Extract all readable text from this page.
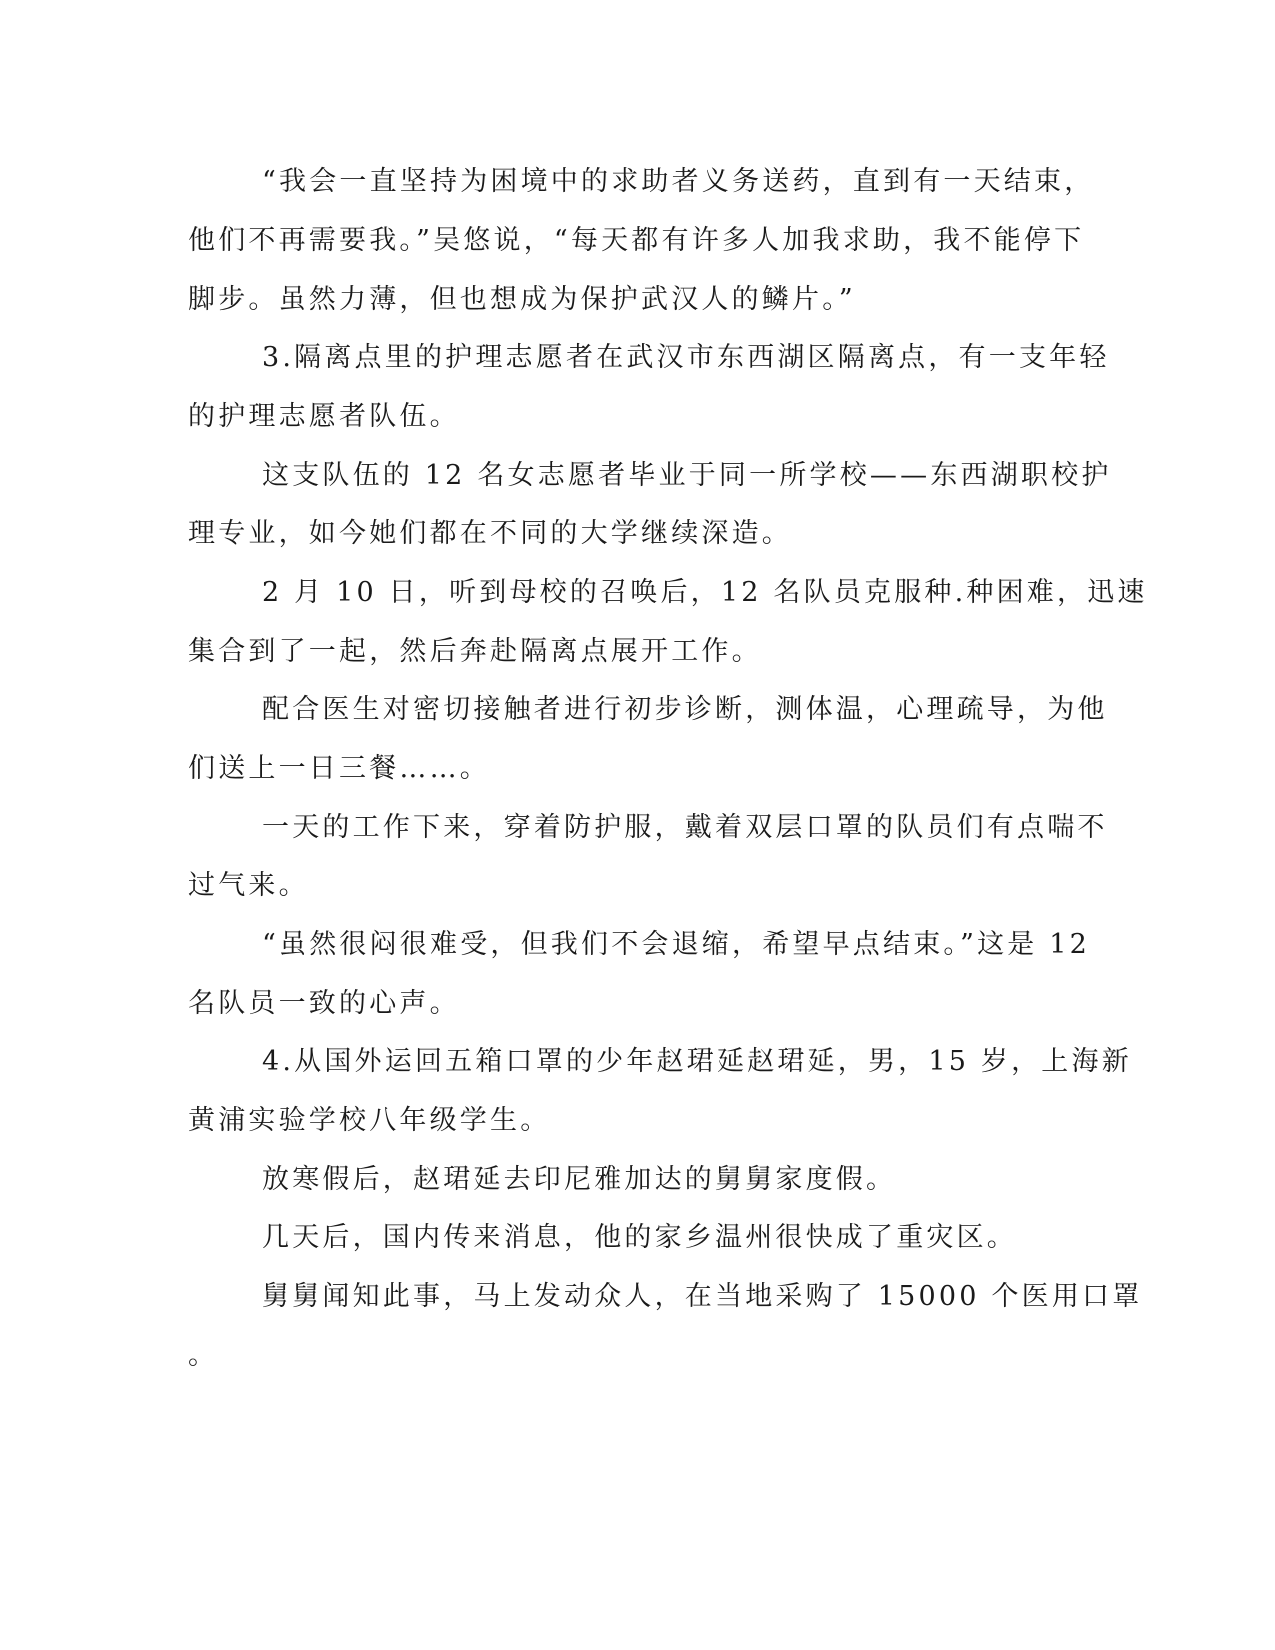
“我会一直坚持为困境中的求助者义务送药，直到有一天结束，
他们不再需要我。”吴悠说，“每天都有许多人加我求助，我不能停下
脚步。虽然力薄，但也想成为保护武汉人的鳞片。”
3.隔离点里的护理志愿者在武汉市东西湖区隔离点，有一支年轻
的护理志愿者队伍。
这支队伍的 12 名女志愿者毕业于同一所学校——东西湖职校护
理专业，如今她们都在不同的大学继续深造。
2 月 10 日，听到母校的召唤后，12 名队员克服种.种困难，迅速
集合到了一起，然后奔赴隔离点展开工作。
配合医生对密切接触者进行初步诊断，测体温，心理疏导，为他
们送上一日三餐……。
一天的工作下来，穿着防护服，戴着双层口罩的队员们有点喘不
过气来。
“虽然很闷很难受，但我们不会退缩，希望早点结束。”这是 12
名队员一致的心声。
4.从国外运回五箱口罩的少年赵珺延赵珺延，男，15 岁，上海新
黄浦实验学校八年级学生。
放寒假后，赵珺延去印尼雅加达的舅舅家度假。
几天后，国内传来消息，他的家乡温州很快成了重灾区。
舅舅闻知此事，马上发动众人，在当地采购了 15000 个医用口罩
。
